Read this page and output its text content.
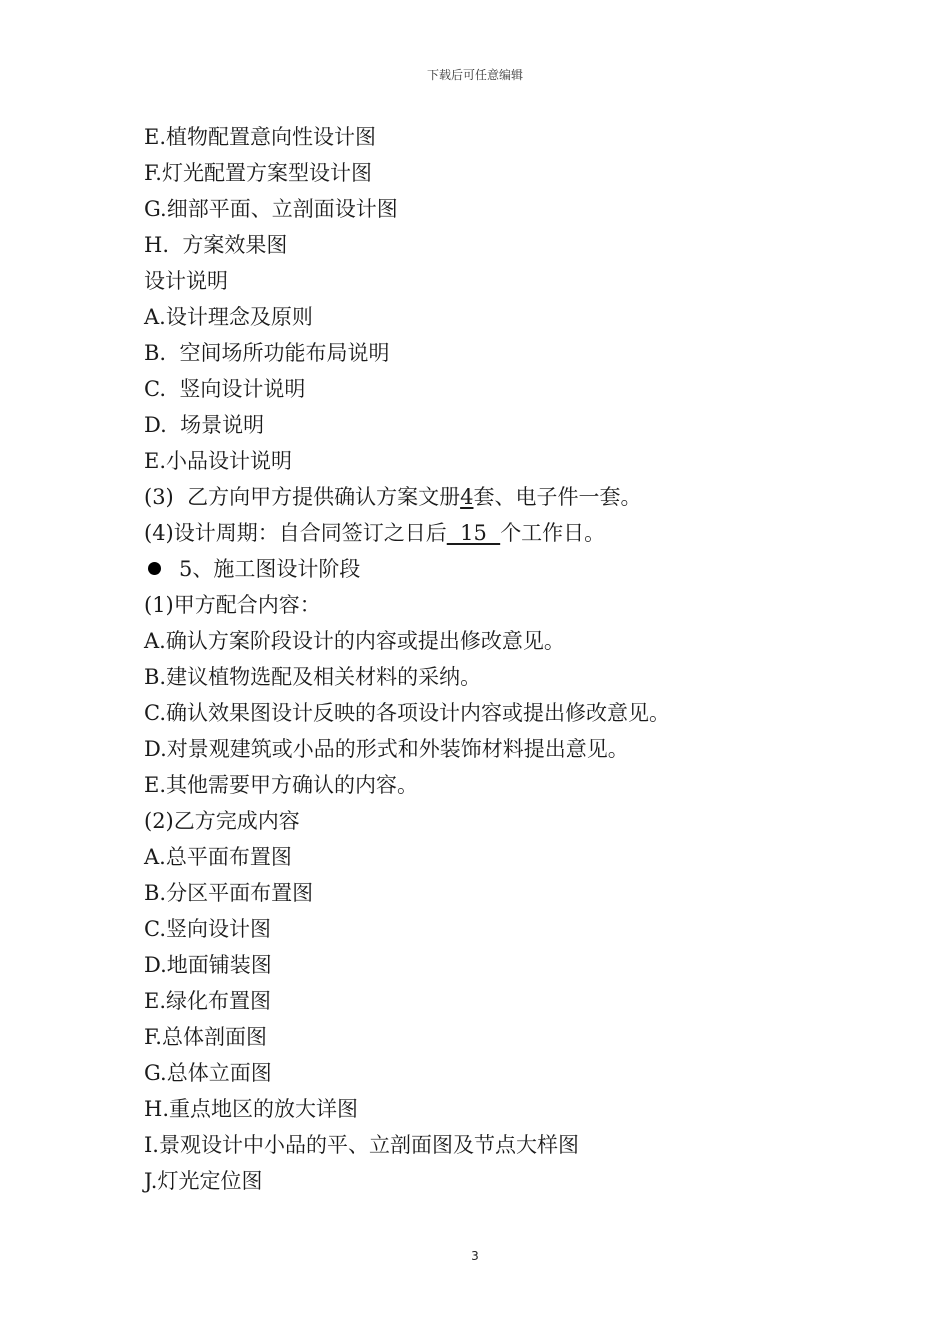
下载后可任意编辑
E.植物配置意向性设计图
F.灯光配置方案型设计图
G.细部平面、立剖面设计图
H.  方案效果图
设计说明
A.设计理念及原则
B.  空间场所功能布局说明
C.  竖向设计说明
D.  场景说明
E.小品设计说明
(3)  乙方向甲方提供确认方案文册4套、电子件一套。
(4)设计周期：自合同签订之日后  15  个工作日。
5、施工图设计阶段
(1)甲方配合内容：
A.确认方案阶段设计的内容或提出修改意见。
B.建议植物选配及相关材料的采纳。
C.确认效果图设计反映的各项设计内容或提出修改意见。
D.对景观建筑或小品的形式和外装饰材料提出意见。
E.其他需要甲方确认的内容。
(2)乙方完成内容
A.总平面布置图
B.分区平面布置图
C.竖向设计图
D.地面铺装图
E.绿化布置图
F.总体剖面图
G.总体立面图
H.重点地区的放大详图
I.景观设计中小品的平、立剖面图及节点大样图
J.灯光定位图
3
